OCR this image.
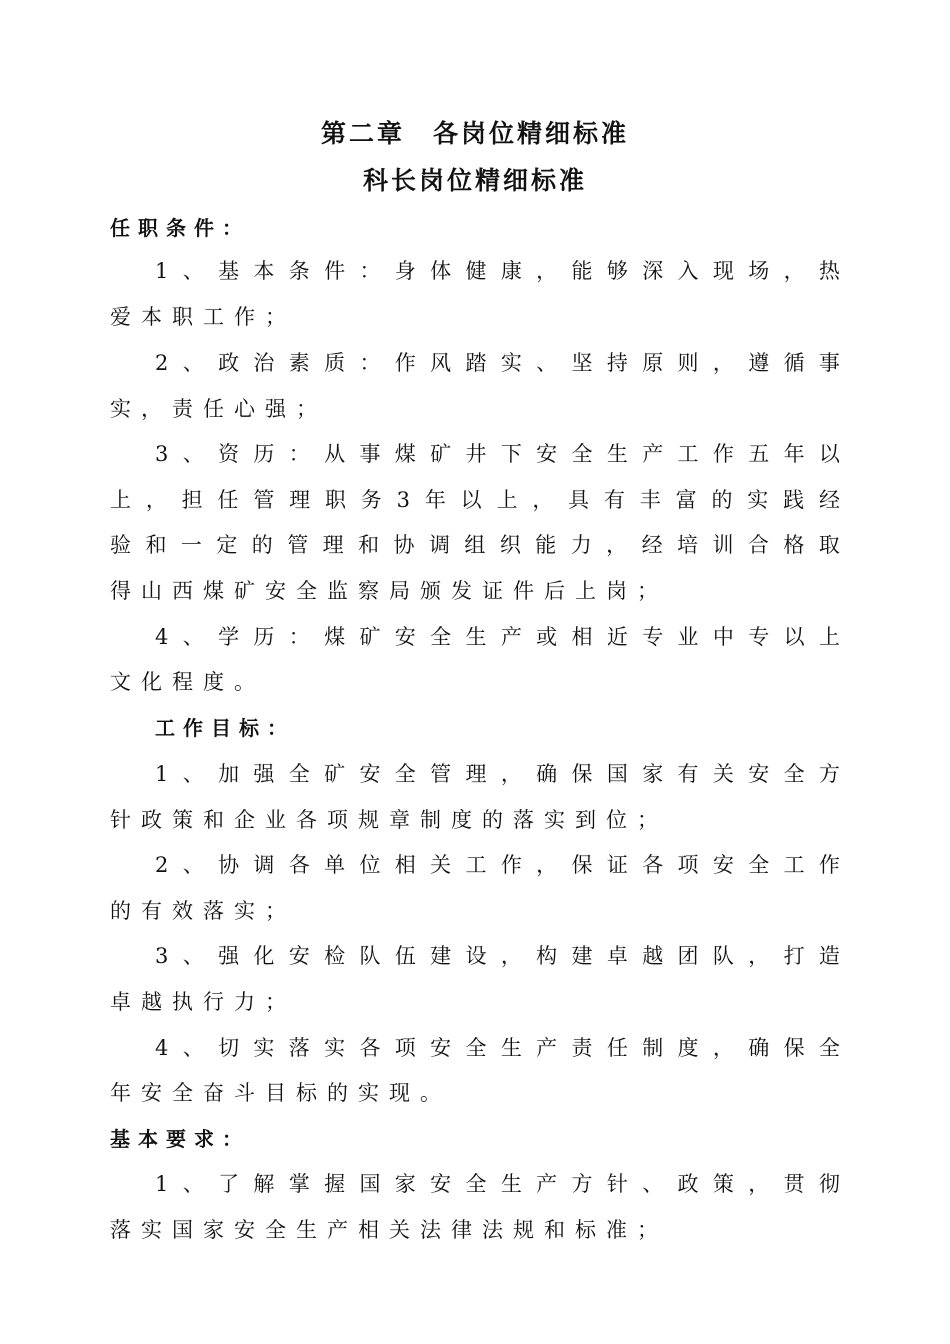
第二章　各岗位精细标准
科长岗位精细标准
任职条件：
1 、 基 本 条 件 ： 身 体 健 康 ， 能 够 深 入 现 场 ， 热
爱本职工作；
2 、 政 治 素 质 ： 作 风 踏 实 、 坚 持 原 则 ， 遵 循 事
实，责任心强；
3 、 资 历 ： 从 事 煤 矿 井 下 安 全 生 产 工 作 五 年 以
上 ， 担 任 管 理 职 务 3 年 以 上 ， 具 有 丰 富 的 实 践 经
验 和 一 定 的 管 理 和 协 调 组 织 能 力 ， 经 培 训 合 格 取
得山西煤矿安全监察局颁发证件后上岗；
4 、 学 历 ： 煤 矿 安 全 生 产 或 相 近 专 业 中 专 以 上
文化程度。
工作目标：
1 、 加 强 全 矿 安 全 管 理 ， 确 保 国 家 有 关 安 全 方
针政策和企业各项规章制度的落实到位；
2 、 协 调 各 单 位 相 关 工 作 ， 保 证 各 项 安 全 工 作
的有效落实；
3 、 强 化 安 检 队 伍 建 设 ， 构 建 卓 越 团 队 ， 打 造
卓越执行力；
4 、 切 实 落 实 各 项 安 全 生 产 责 任 制 度 ， 确 保 全
年安全奋斗目标的实现。
基本要求：
1 、 了 解 掌 握 国 家 安 全 生 产 方 针 、 政 策 ， 贯 彻
落实国家安全生产相关法律法规和标准；
